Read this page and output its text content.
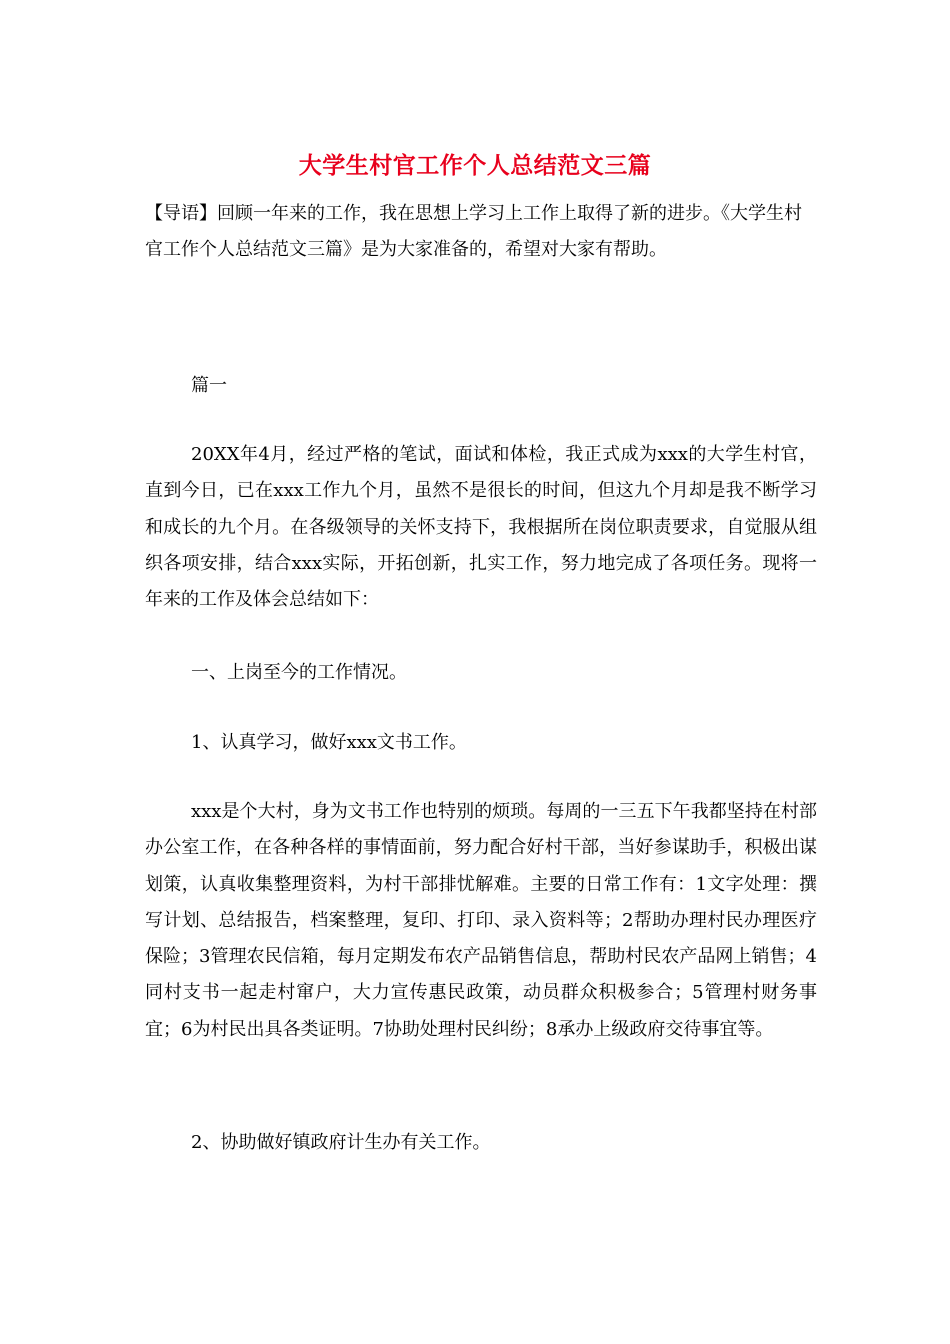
大学生村官工作个人总结范文三篇
【导语】回顾一年来的工作，我在思想上学习上工作上取得了新的进步。《大学生村官工作个人总结范文三篇》是为大家准备的，希望对大家有帮助。
篇一
20XX年4月，经过严格的笔试，面试和体检，我正式成为xxx的大学生村官，直到今日，已在xxx工作九个月，虽然不是很长的时间，但这九个月却是我不断学习和成长的九个月。在各级领导的关怀支持下，我根据所在岗位职责要求，自觉服从组织各项安排，结合xxx实际，开拓创新，扎实工作，努力地完成了各项任务。现将一年来的工作及体会总结如下：
一、上岗至今的工作情况。
1、认真学习，做好xxx文书工作。
xxx是个大村，身为文书工作也特别的烦琐。每周的一三五下午我都坚持在村部办公室工作，在各种各样的事情面前，努力配合好村干部，当好参谋助手，积极出谋划策，认真收集整理资料，为村干部排忧解难。主要的日常工作有：1文字处理：撰写计划、总结报告，档案整理，复印、打印、录入资料等；2帮助办理村民办理医疗保险；3管理农民信箱，每月定期发布农产品销售信息，帮助村民农产品网上销售；4同村支书一起走村窜户，大力宣传惠民政策，动员群众积极参合；5管理村财务事宜；6为村民出具各类证明。7协助处理村民纠纷；8承办上级政府交待事宜等。
2、协助做好镇政府计生办有关工作。
